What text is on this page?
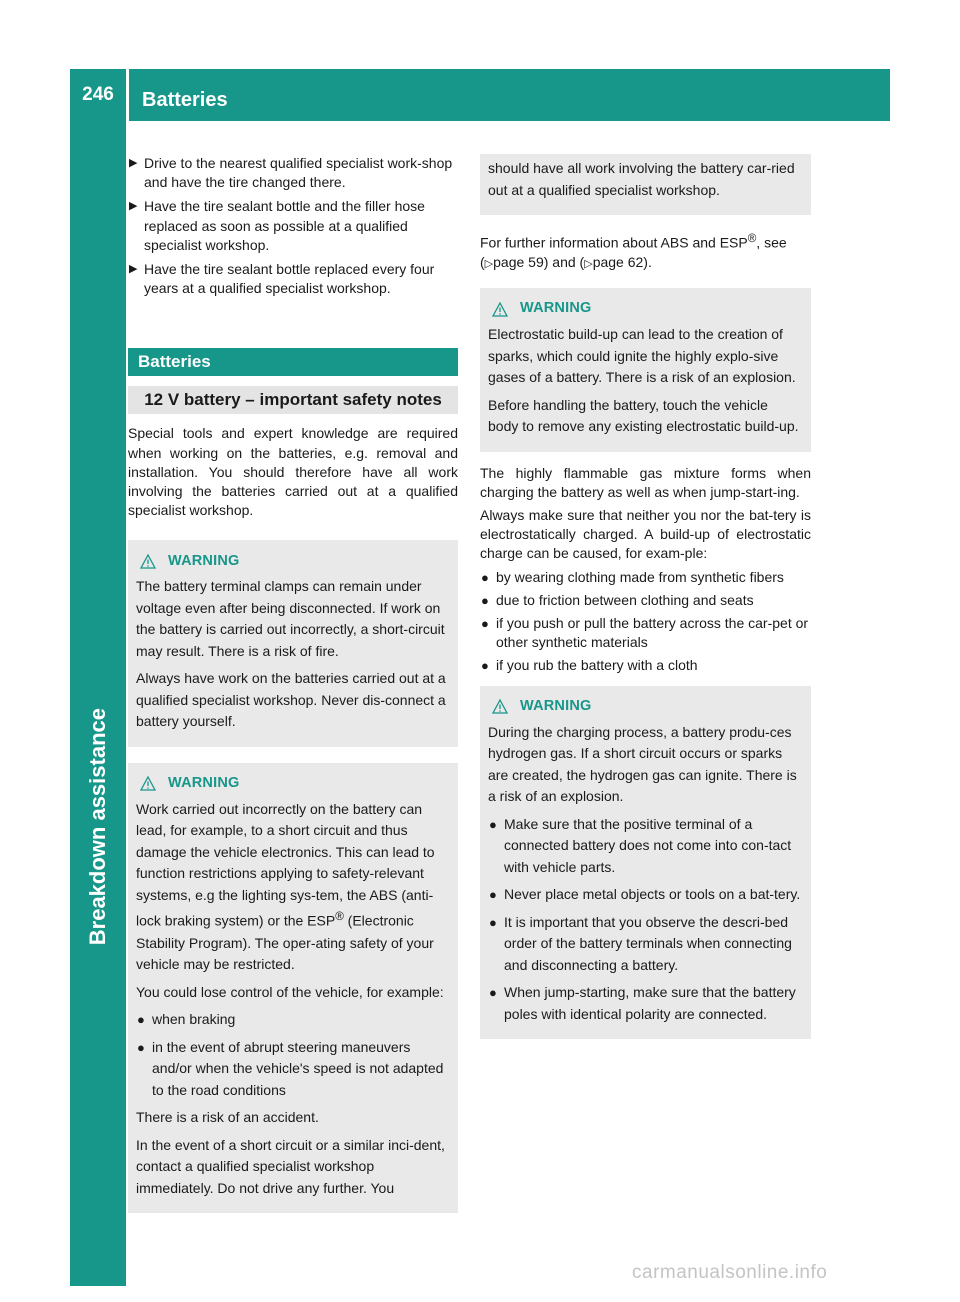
246	Batteries
Breakdown assistance
▶ Drive to the nearest qualified specialist work-shop and have the tire changed there.
▶ Have the tire sealant bottle and the filler hose replaced as soon as possible at a qualified specialist workshop.
▶ Have the tire sealant bottle replaced every four years at a qualified specialist workshop.
Batteries
12 V battery – important safety notes

Special tools and expert knowledge are required when working on the batteries, e.g. removal and installation. You should therefore have all work involving the batteries carried out at a qualified specialist workshop.

WARNING

The battery terminal clamps can remain under voltage even after being disconnected. If work on the battery is carried out incorrectly, a short-circuit may result. There is a risk of fire.

Always have work on the batteries carried out at a qualified specialist workshop. Never dis-connect a battery yourself.

WARNING

Work carried out incorrectly on the battery can lead, for example, to a short circuit and thus damage the vehicle electronics. This can lead to function restrictions applying to safety-relevant systems, e.g the lighting sys-tem, the ABS (anti-lock braking system) or the ESP® (Electronic Stability Program). The oper-ating safety of your vehicle may be restricted.

You could lose control of the vehicle, for example:

● when braking
● in the event of abrupt steering maneuvers and/or when the vehicle's speed is not adapted to the road conditions

There is a risk of an accident.

In the event of a short circuit or a similar inci-dent, contact a qualified specialist workshop immediately. Do not drive any further. You

should have all work involving the battery car-ried out at a qualified specialist workshop.

For further information about ABS and ESP®, see (▷page 59) and (▷page 62).

WARNING

Electrostatic build-up can lead to the creation of sparks, which could ignite the highly explo-sive gases of a battery. There is a risk of an explosion.

Before handling the battery, touch the vehicle body to remove any existing electrostatic build-up.

The highly flammable gas mixture forms when charging the battery as well as when jump-start-ing.

Always make sure that neither you nor the bat-tery is electrostatically charged. A build-up of electrostatic charge can be caused, for exam-ple:

● by wearing clothing made from synthetic fibers
● due to friction between clothing and seats
● if you push or pull the battery across the car-pet or other synthetic materials
● if you rub the battery with a cloth
WARNING

During the charging process, a battery produ-ces hydrogen gas. If a short circuit occurs or sparks are created, the hydrogen gas can ignite. There is a risk of an explosion.

● Make sure that the positive terminal of a connected battery does not come into con-tact with vehicle parts.
● Never place metal objects or tools on a bat-tery.
● It is important that you observe the descri-bed order of the battery terminals when connecting and disconnecting a battery.
● When jump-starting, make sure that the battery poles with identical polarity are connected.
carmanualsonline.info
